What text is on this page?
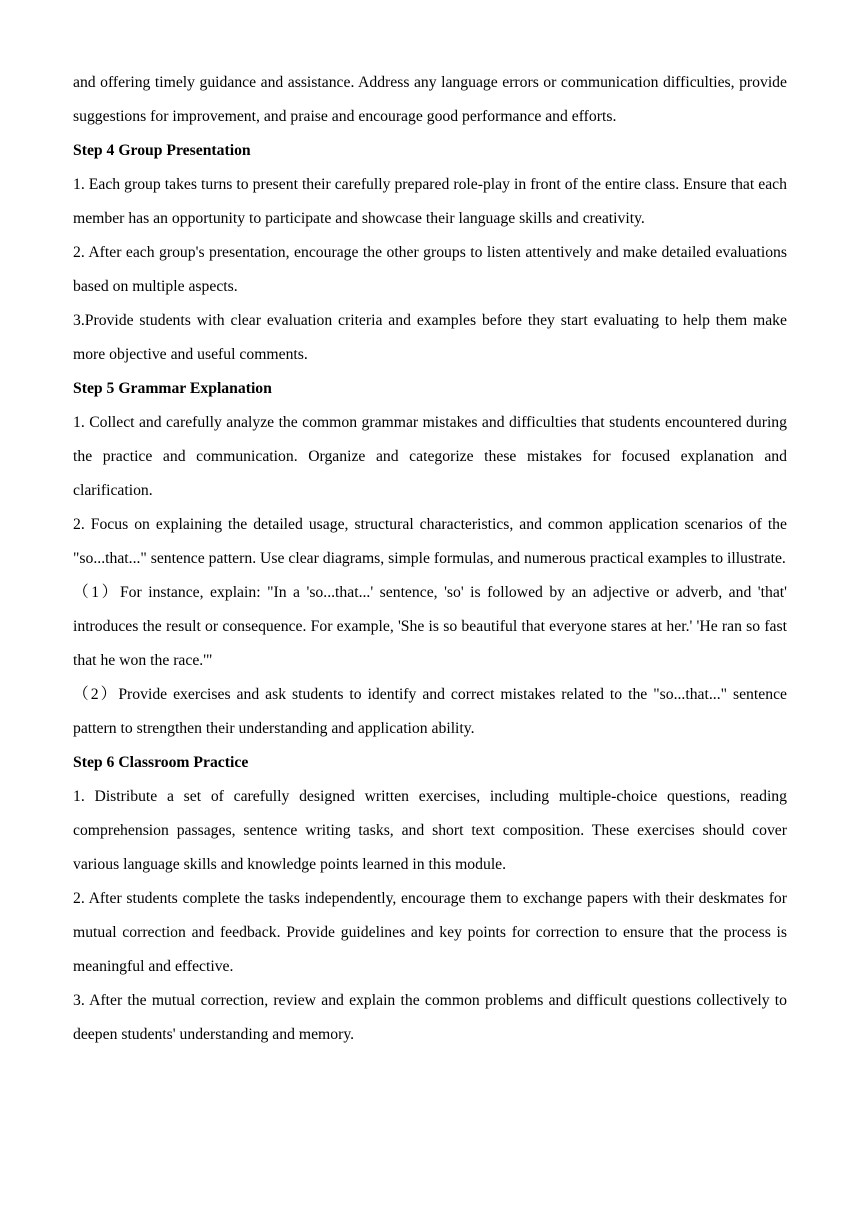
and offering timely guidance and assistance. Address any language errors or communication difficulties, provide suggestions for improvement, and praise and encourage good performance and efforts.

Step 4 Group Presentation

1. Each group takes turns to present their carefully prepared role-play in front of the entire class. Ensure that each member has an opportunity to participate and showcase their language skills and creativity.

2. After each group's presentation, encourage the other groups to listen attentively and make detailed evaluations based on multiple aspects.

3.Provide students with clear evaluation criteria and examples before they start evaluating to help them make more objective and useful comments.

Step 5 Grammar Explanation

1. Collect and carefully analyze the common grammar mistakes and difficulties that students encountered during the practice and communication. Organize and categorize these mistakes for focused explanation and clarification.

2. Focus on explaining the detailed usage, structural characteristics, and common application scenarios of the "so...that..." sentence pattern. Use clear diagrams, simple formulas, and numerous practical examples to illustrate.

（1）For instance, explain: "In a 'so...that...' sentence, 'so' is followed by an adjective or adverb, and 'that' introduces the result or consequence. For example, 'She is so beautiful that everyone stares at her.' 'He ran so fast that he won the race.'"

（2）Provide exercises and ask students to identify and correct mistakes related to the "so...that..." sentence pattern to strengthen their understanding and application ability.

Step 6 Classroom Practice

1. Distribute a set of carefully designed written exercises, including multiple-choice questions, reading comprehension passages, sentence writing tasks, and short text composition. These exercises should cover various language skills and knowledge points learned in this module.

2. After students complete the tasks independently, encourage them to exchange papers with their deskmates for mutual correction and feedback. Provide guidelines and key points for correction to ensure that the process is meaningful and effective.

3. After the mutual correction, review and explain the common problems and difficult questions collectively to deepen students' understanding and memory.
